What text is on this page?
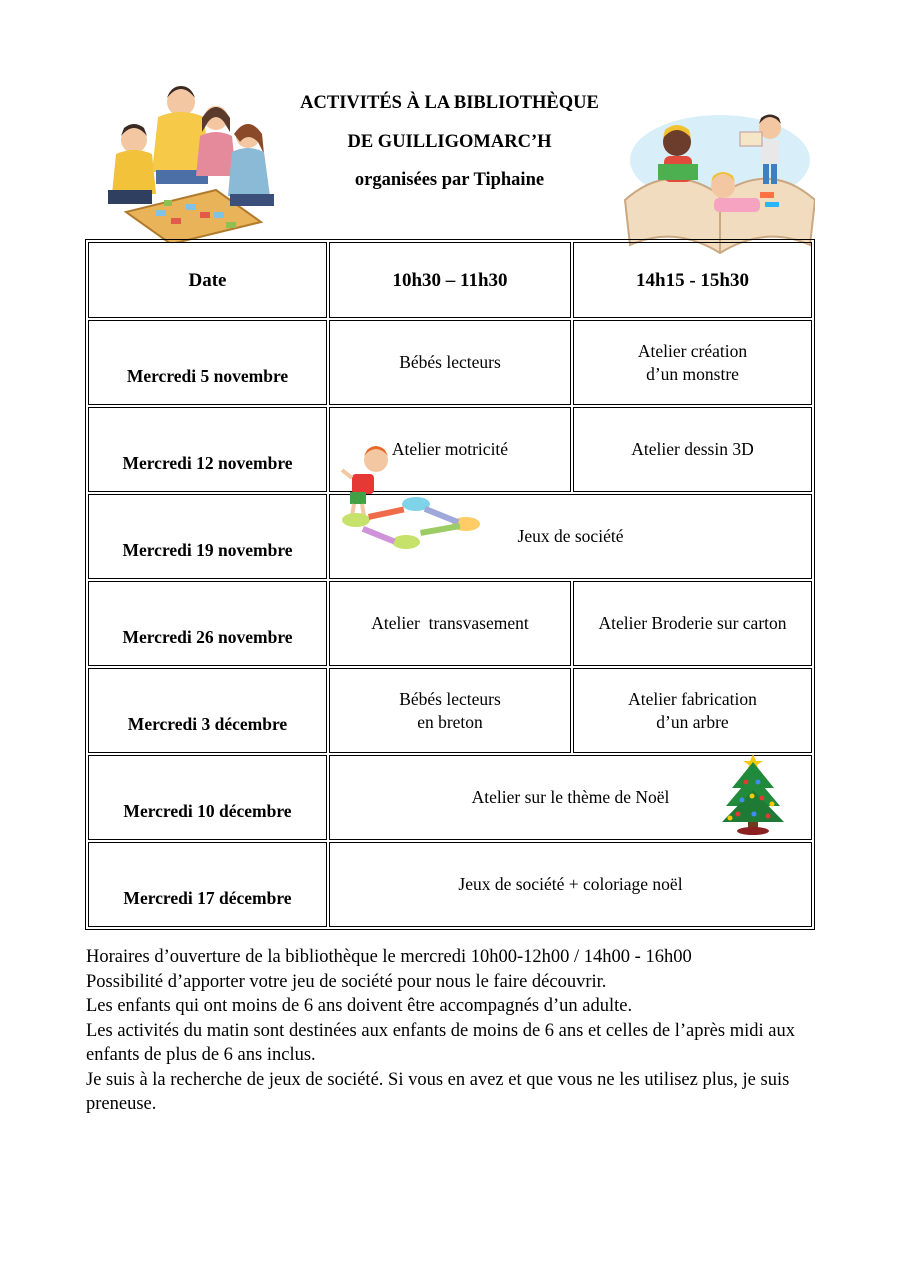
ACTIVITÉS À LA BIBLIOTHÈQUE
DE GUILLIGOMARC’H
organisées par Tiphaine
Date	10h30 – 11h30	14h15 - 15h30

Mercredi 5 novembre	Bébés lecteurs	Atelier création
d’un monstre

Mercredi 12 novembre	Atelier motricité	Atelier dessin 3D

Mercredi 19 novembre	Jeux de société	

Mercredi 26 novembre	Atelier  transvasement	Atelier Broderie sur carton

Mercredi 3 décembre	Bébés lecteurs
en breton	Atelier fabrication
d’un arbre

Mercredi 10 décembre	Atelier sur le thème de Noël	

Mercredi 17 décembre	Jeux de société + coloriage noël	

Horaires d’ouverture de la bibliothèque le mercredi 10h00-12h00 / 14h00 - 16h00

Possibilité d’apporter votre jeu de société pour nous le faire découvrir.

Les enfants qui ont moins de 6 ans doivent être accompagnés d’un adulte.

Les activités du matin sont destinées aux enfants de moins de 6 ans et celles de l’après midi aux enfants de plus de 6 ans inclus.

Je suis à la recherche de jeux de société. Si vous en avez et que vous ne les utilisez plus, je suis preneuse.
